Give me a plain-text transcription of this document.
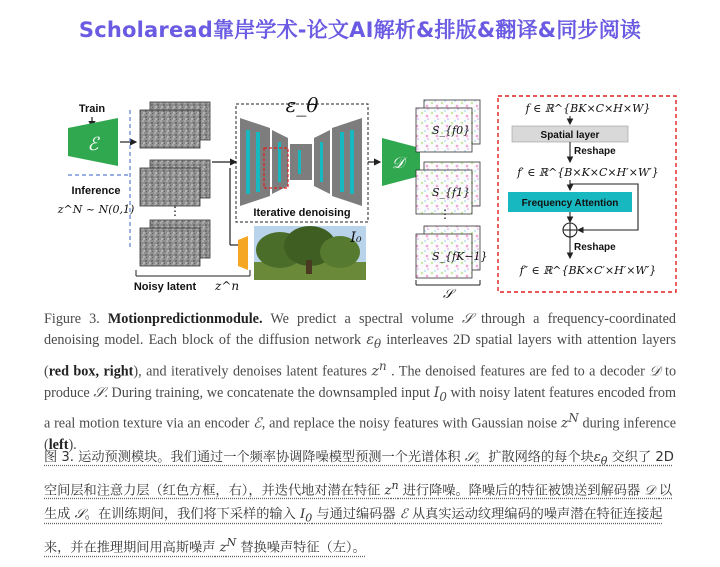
Scholaread靠岸学术-论文AI解析&排版&翻译&同步阅读
Train
ℰ
Inference
z^N ~ N(0,1)	⋮
Noisy latent z^n
ε_θ
Iterative denoising
I₀
𝒟
S_{f0}
S_{f1}
⋮
S_{fK−1}
𝒮
f ∈ ℝ^{BK×C×H×W}
Spatial layer
Reshape
f′ ∈ ℝ^{B×K×C×H′×W′}
Frequency Attention
Reshape
f″ ∈ ℝ^{BK×C′×H′×W′}
Figure 3. Motionpredictionmodule. We predict a spectral volume 𝒮 through a frequency-coordinated denoising model. Each block of the diffusion network $\varepsilon_\theta$ interleaves 2D spatial layers with attention layers (red box, right), and iteratively denoises latent features $z^n$ . The denoised features are fed to a decoder 𝒟 to produce 𝒮. During training, we concatenate the downsampled input $I_0$ with noisy latent features encoded from a real motion texture via an encoder ℰ, and replace the noisy features with Gaussian noise $z^N$ during inference (left).
图 3. 运动预测模块。我们通过一个频率协调降噪模型预测一个光谱体积 𝒮。扩散网络的每个块$\varepsilon_\theta$ 交织了 2D 空间层和注意力层（红色方框，右），并迭代地对潜在特征 $z^n$ 进行降噪。降噪后的特征被馈送到解码器 𝒟 以生成 𝒮。在训练期间，我们将下采样的输入 $I_0$ 与通过编码器 ℰ 从真实运动纹理编码的噪声潜在特征连接起来，并在推理期间用高斯噪声 $z^N$ 替换噪声特征（左）。
